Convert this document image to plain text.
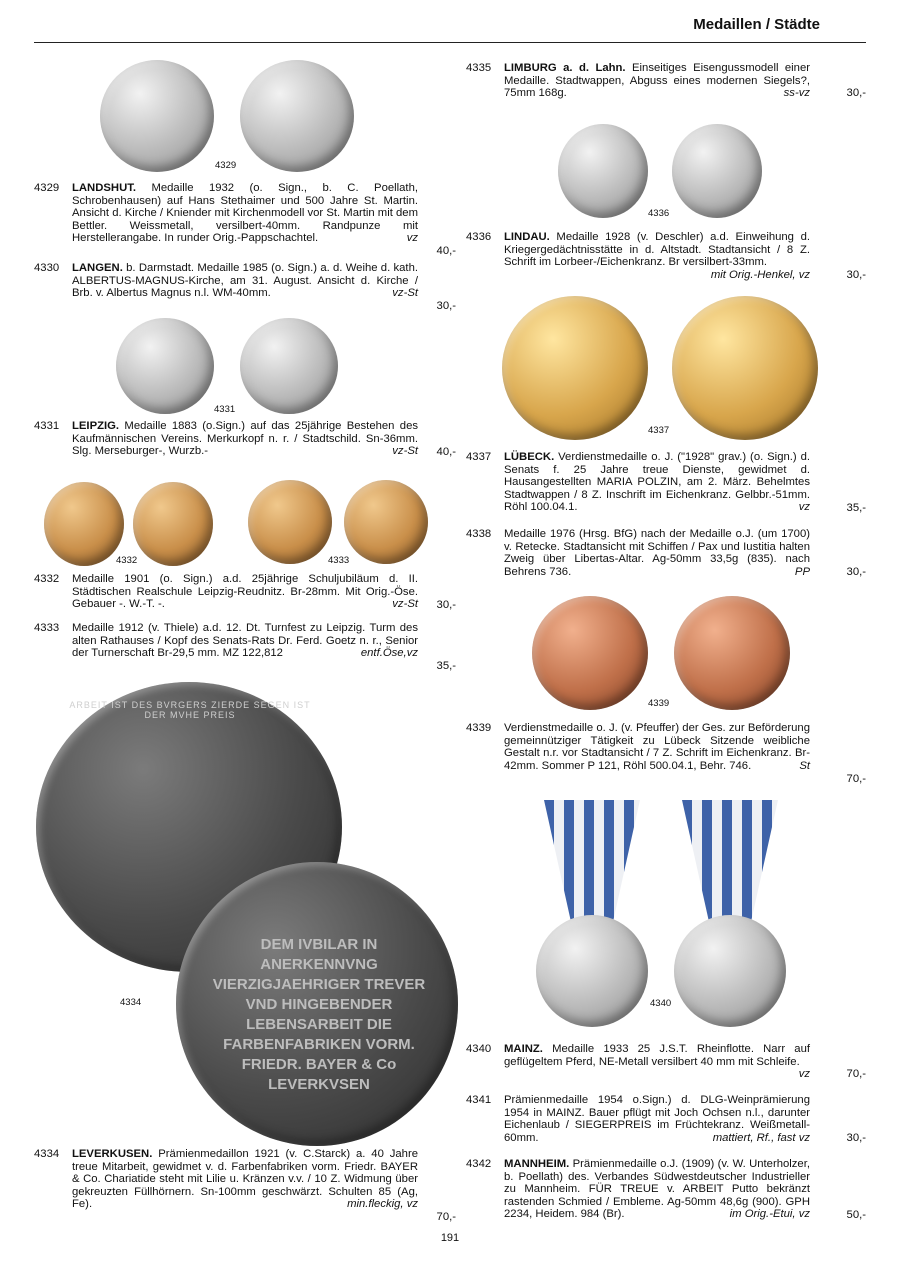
Medaillen / Städte
4329
4331
4332	4333
ARBEIT IST DES BVRGERS ZIERDE SEGEN IST DER MVHE PREIS
DEM IVBILAR IN ANERKENNVNG VIERZIGJAEHRIGER TREVER VND HINGEBENDER LEBENSARBEIT DIE FARBENFABRIKEN VORM. FRIEDR. BAYER & Co LEVERKVSEN
4334
4336
4337
4339
4340
4329 LANDSHUT. Medaille 1932 (o. Sign., b. C. Poellath, Schrobenhausen) auf Hans Stethaimer und 500 Jahre St. Martin. Ansicht d. Kirche / Kniender mit Kirchenmodell vor St. Martin mit dem Bettler. Weissmetall, versilbert-40mm. Randpunze mit Herstellerangabe. In runder Orig.-Pappschachtel.	vz
40,-
4330 LANGEN. b. Darmstadt. Medaille 1985 (o. Sign.) a. d. Weihe d. kath. ALBERTUS-MAGNUS-Kirche, am 31. August. Ansicht d. Kirche / Brb. v. Albertus Magnus n.l. WM-40mm.	vz-St
30,-
4331 LEIPZIG. Medaille 1883 (o.Sign.) auf das 25jährige Bestehen des Kaufmännischen Vereins. Merkurkopf n. r. / Stadtschild. Sn-36mm. Slg. Merseburger-, Wurzb.-	vz-St	40,-
4332 Medaille 1901 (o. Sign.) a.d. 25jährige Schuljubiläum d. II. Städtischen Realschule Leipzig-Reudnitz. Br-28mm. Mit Orig.-Öse. Gebauer -. W.-T. -.	vz-St	30,-
4333 Medaille 1912 (v. Thiele) a.d. 12. Dt. Turnfest zu Leipzig. Turm des alten Rathauses / Kopf des Senats-Rats Dr. Ferd. Goetz n. r., Senior der Turnerschaft Br-29,5 mm. MZ 122,812	entf.Öse,vz
35,-
4334 LEVERKUSEN. Prämienmedaillon 1921 (v. C.Starck) a. 40 Jahre treue Mitarbeit, gewidmet v. d. Farbenfabriken vorm. Friedr. BAYER & Co. Chariatide steht mit Lilie u. Kränzen v.v. / 10 Z. Widmung über gekreuzten Füllhörnern. Sn-100mm geschwärzt. Schulten 85 (Ag, Fe).	min.fleckig, vz
70,-
4335 LIMBURG a. d. Lahn. Einseitiges Eisengussmodell einer Medaille. Stadtwappen, Abguss eines modernen Siegels?, 75mm 168g.	ss-vz	30,-
4336 LINDAU. Medaille 1928 (v. Deschler) a.d. Einweihung d. Kriegergedächtnisstätte in d. Altstadt. Stadtansicht / 8 Z. Schrift im Lorbeer-/Eichenkranz. Br versilbert-33mm.
mit Orig.-Henkel, vz	30,-
4337 LÜBECK. Verdienstmedaille o. J. ("1928" grav.) (o. Sign.) d. Senats f. 25 Jahre treue Dienste, gewidmet d. Hausangestellten MARIA POLZIN, am 2. März. Behelmtes Stadtwappen / 8 Z. Inschrift im Eichenkranz. Gelbbr.-51mm. Röhl 100.04.1.	vz	35,-
4338 Medaille 1976 (Hrsg. BfG) nach der Medaille o.J. (um 1700) v. Retecke. Stadtansicht mit Schiffen / Pax und Iustitia halten Zweig über Libertas-Altar. Ag-50mm 33,5g (835). nach Behrens 736.	PP	30,-
4339 Verdienstmedaille o. J. (v. Pfeuffer) der Ges. zur Beförderung gemeinnütziger Tätigkeit zu Lübeck Sitzende weibliche Gestalt n.r. vor Stadtansicht / 7 Z. Schrift im Eichenkranz. Br-42mm. Sommer P 121, Röhl 500.04.1, Behr. 746.	St
70,-
4340 MAINZ. Medaille 1933 25 J.S.T. Rheinflotte. Narr auf geflügeltem Pferd, NE-Metall versilbert 40 mm mit Schleife.
vz	70,-
4341 Prämienmedaille 1954 o.Sign.) d. DLG-Weinprämierung 1954 in MAINZ. Bauer pflügt mit Joch Ochsen n.l., darunter Eichenlaub / SIEGERPREIS im Früchtekranz. Weißmetall-60mm.	mattiert, Rf., fast vz	30,-
4342 MANNHEIM. Prämienmedaille o.J. (1909) (v. W. Unterholzer, b. Poellath) des. Verbandes Südwestdeutscher Industrieller zu Mannheim. FÜR TREUE v. ARBEIT Putto bekränzt rastenden Schmied / Embleme. Ag-50mm 48,6g (900). GPH 2234, Heidem. 984 (Br).	im Orig.-Etui, vz	50,-
191
